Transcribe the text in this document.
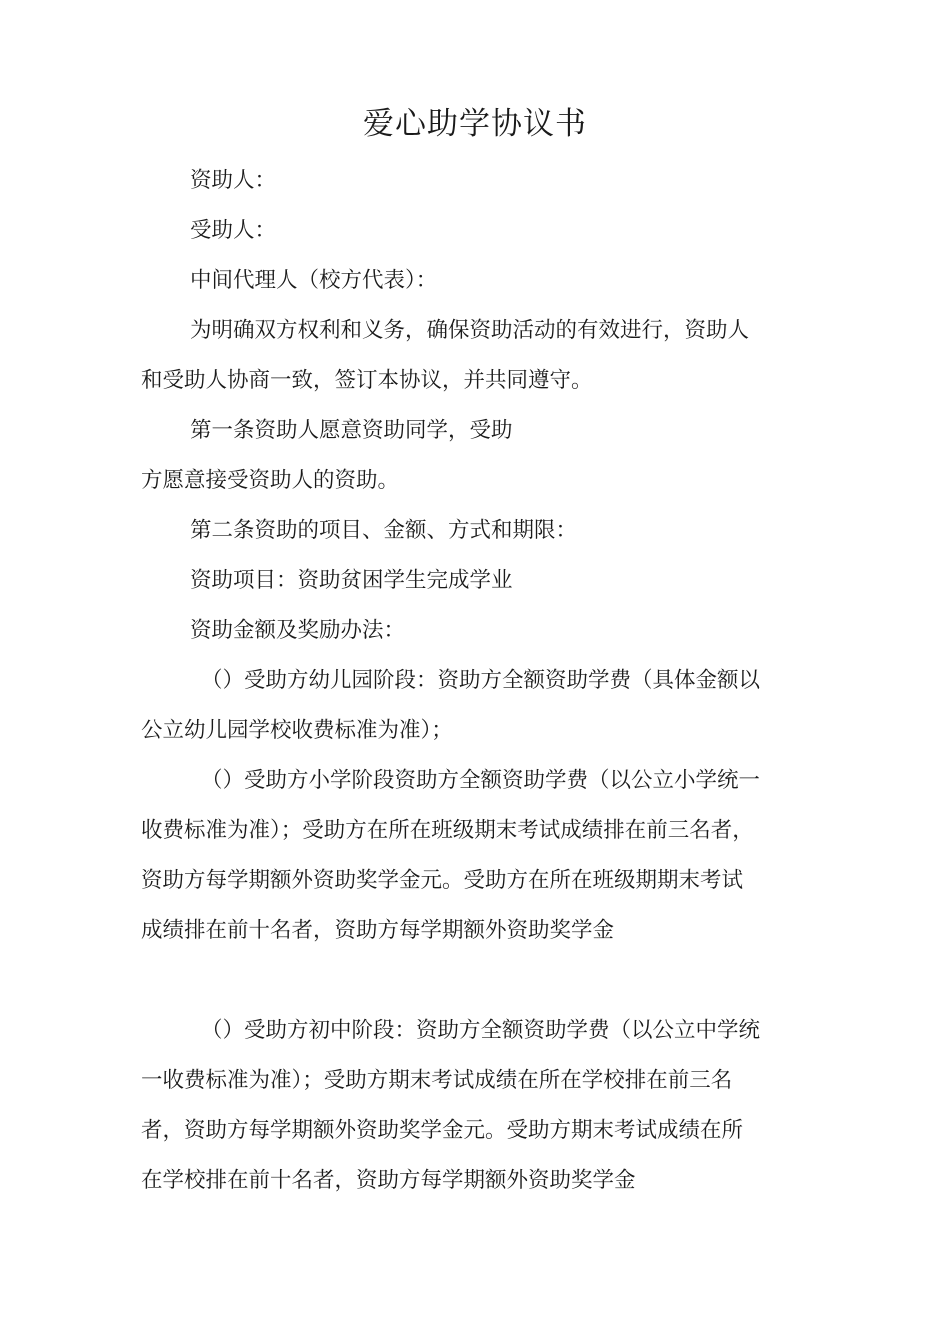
爱心助学协议书
资助人：
受助人：
中间代理人（校方代表）：
为明确双方权利和义务，确保资助活动的有效进行，资助人
和受助人协商一致，签订本协议，并共同遵守。
第一条资助人愿意资助同学，受助
方愿意接受资助人的资助。
第二条资助的项目、金额、方式和期限：
资助项目：资助贫困学生完成学业
资助金额及奖励办法：
（）受助方幼儿园阶段：资助方全额资助学费（具体金额以
公立幼儿园学校收费标准为准）；
（）受助方小学阶段资助方全额资助学费（以公立小学统一
收费标准为准）；受助方在所在班级期末考试成绩排在前三名者，
资助方每学期额外资助奖学金元。受助方在所在班级期期末考试
成绩排在前十名者，资助方每学期额外资助奖学金
（）受助方初中阶段：资助方全额资助学费（以公立中学统
一收费标准为准）；受助方期末考试成绩在所在学校排在前三名
者，资助方每学期额外资助奖学金元。受助方期末考试成绩在所
在学校排在前十名者，资助方每学期额外资助奖学金
